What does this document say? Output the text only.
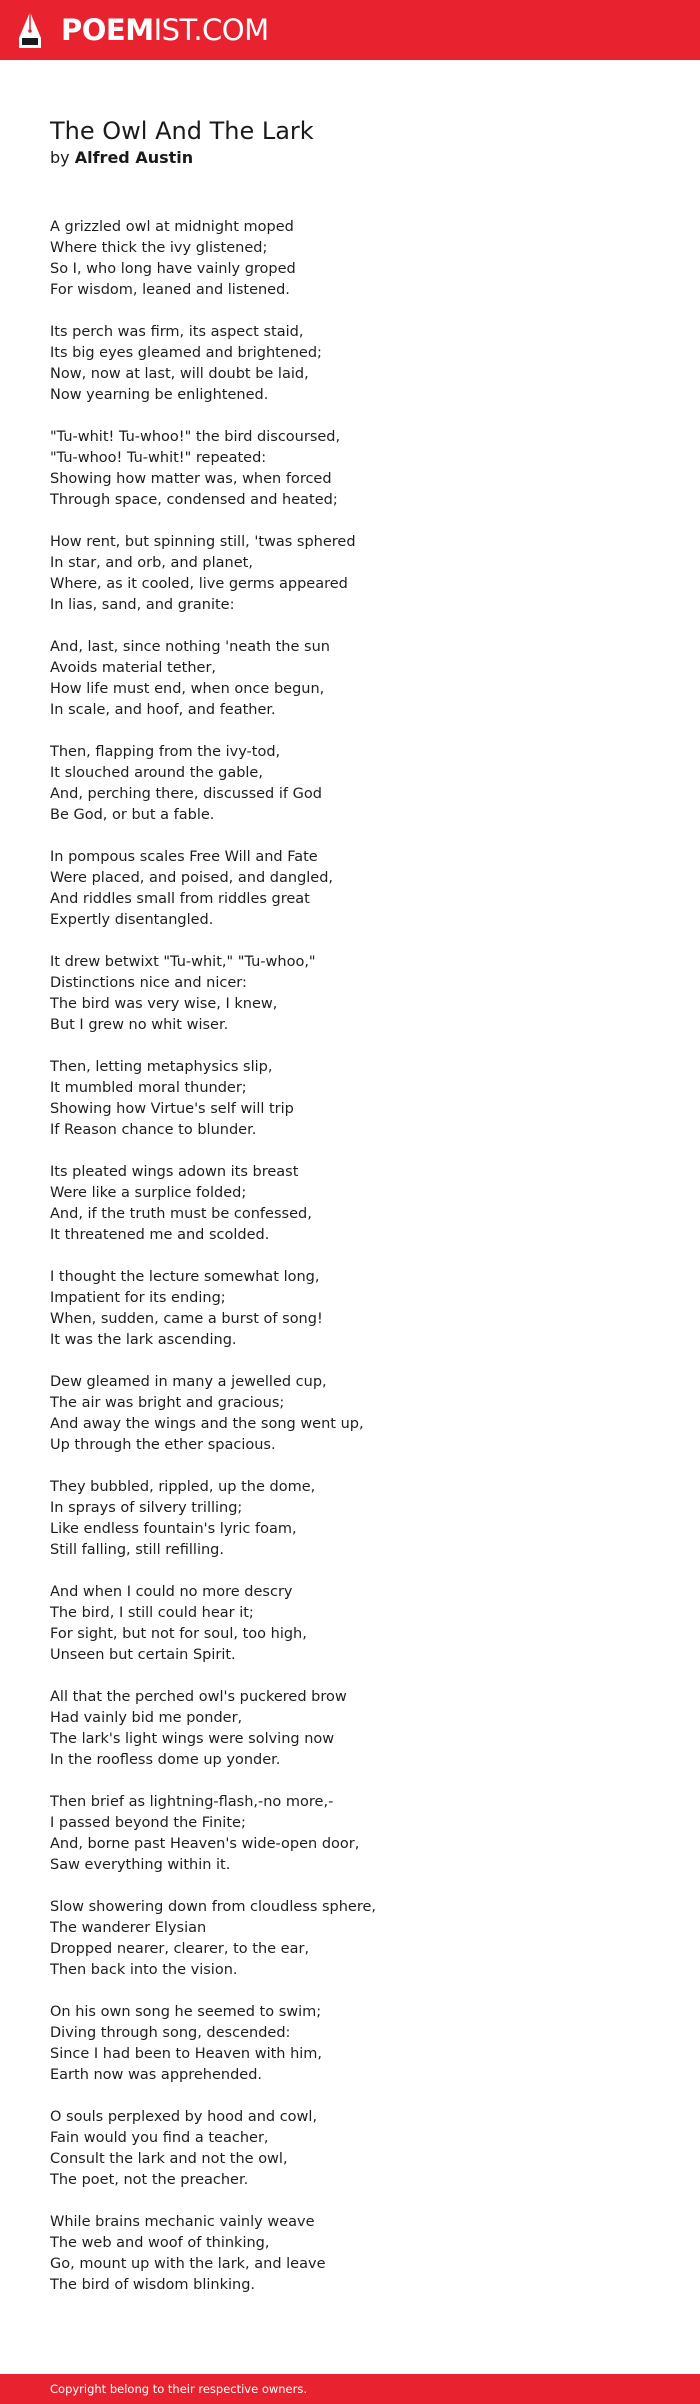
POEMIST.COM
The Owl And The Lark
by Alfred Austin
A grizzled owl at midnight moped
Where thick the ivy glistened;
So I, who long have vainly groped
For wisdom, leaned and listened.
Its perch was firm, its aspect staid,
Its big eyes gleamed and brightened;
Now, now at last, will doubt be laid,
Now yearning be enlightened.
"Tu-whit! Tu-whoo!" the bird discoursed,
"Tu-whoo! Tu-whit!" repeated:
Showing how matter was, when forced
Through space, condensed and heated;
How rent, but spinning still, 'twas sphered
In star, and orb, and planet,
Where, as it cooled, live germs appeared
In lias, sand, and granite:
And, last, since nothing 'neath the sun
Avoids material tether,
How life must end, when once begun,
In scale, and hoof, and feather.
Then, flapping from the ivy-tod,
It slouched around the gable,
And, perching there, discussed if God
Be God, or but a fable.
In pompous scales Free Will and Fate
Were placed, and poised, and dangled,
And riddles small from riddles great
Expertly disentangled.
It drew betwixt "Tu-whit," "Tu-whoo,"
Distinctions nice and nicer:
The bird was very wise, I knew,
But I grew no whit wiser.
Then, letting metaphysics slip,
It mumbled moral thunder;
Showing how Virtue's self will trip
If Reason chance to blunder.
Its pleated wings adown its breast
Were like a surplice folded;
And, if the truth must be confessed,
It threatened me and scolded.
I thought the lecture somewhat long,
Impatient for its ending;
When, sudden, came a burst of song!
It was the lark ascending.
Dew gleamed in many a jewelled cup,
The air was bright and gracious;
And away the wings and the song went up,
Up through the ether spacious.
They bubbled, rippled, up the dome,
In sprays of silvery trilling;
Like endless fountain's lyric foam,
Still falling, still refilling.
And when I could no more descry
The bird, I still could hear it;
For sight, but not for soul, too high,
Unseen but certain Spirit.
All that the perched owl's puckered brow
Had vainly bid me ponder,
The lark's light wings were solving now
In the roofless dome up yonder.
Then brief as lightning-flash,-no more,-
I passed beyond the Finite;
And, borne past Heaven's wide-open door,
Saw everything within it.
Slow showering down from cloudless sphere,
The wanderer Elysian
Dropped nearer, clearer, to the ear,
Then back into the vision.
On his own song he seemed to swim;
Diving through song, descended:
Since I had been to Heaven with him,
Earth now was apprehended.
O souls perplexed by hood and cowl,
Fain would you find a teacher,
Consult the lark and not the owl,
The poet, not the preacher.
While brains mechanic vainly weave
The web and woof of thinking,
Go, mount up with the lark, and leave
The bird of wisdom blinking.
Copyright belong to their respective owners.
